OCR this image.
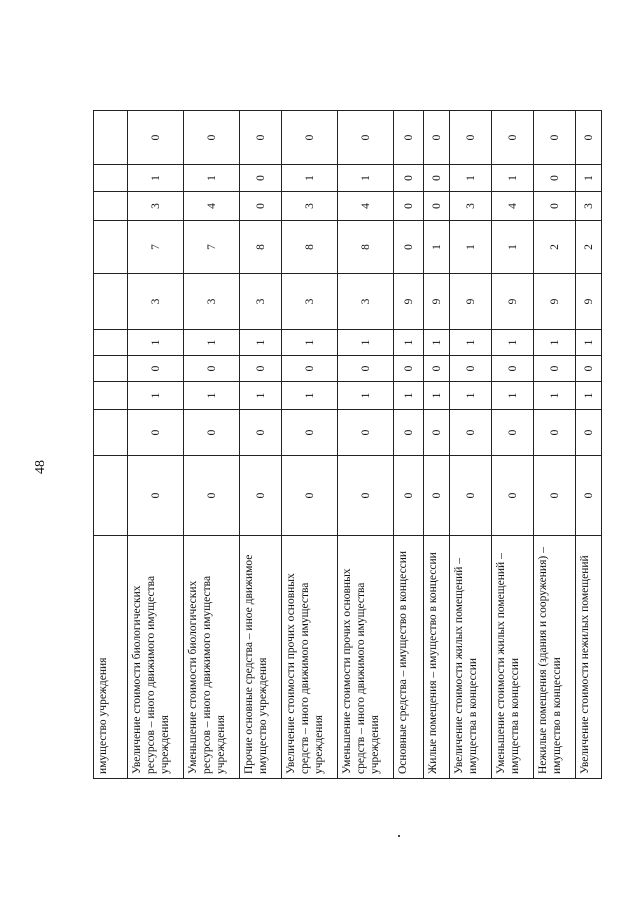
48
имущество учреждения										
Увеличение стоимости биологических ресурсов – иного движимого имущества учреждения	0	0	1	0	1	3	7	3	1	0
Уменьшение стоимости биологических ресурсов – иного движимого имущества учреждения	0	0	1	0	1	3	7	4	1	0
Прочие основные средства – иное движимое имущество учреждения	0	0	1	0	1	3	8	0	0	0
Увеличение стоимости прочих основных средств – иного движимого имущества учреждения	0	0	1	0	1	3	8	3	1	0
Уменьшение стоимости прочих основных средств – иного движимого имущества учреждения	0	0	1	0	1	3	8	4	1	0
Основные средства – имущество в концессии	0	0	1	0	1	9	0	0	0	0
Жилые помещения – имущество в концессии	0	0	1	0	1	9	1	0	0	0
Увеличение стоимости жилых помещений – имущества в концессии	0	0	1	0	1	9	1	3	1	0
Уменьшение стоимости жилых помещений – имущества в концессии	0	0	1	0	1	9	1	4	1	0
Нежилые помещения (здания и сооружения) – имущество в концессии	0	0	1	0	1	9	2	0	0	0
Увеличение стоимости нежилых помещений	0	0	1	0	1	9	2	3	1	0
